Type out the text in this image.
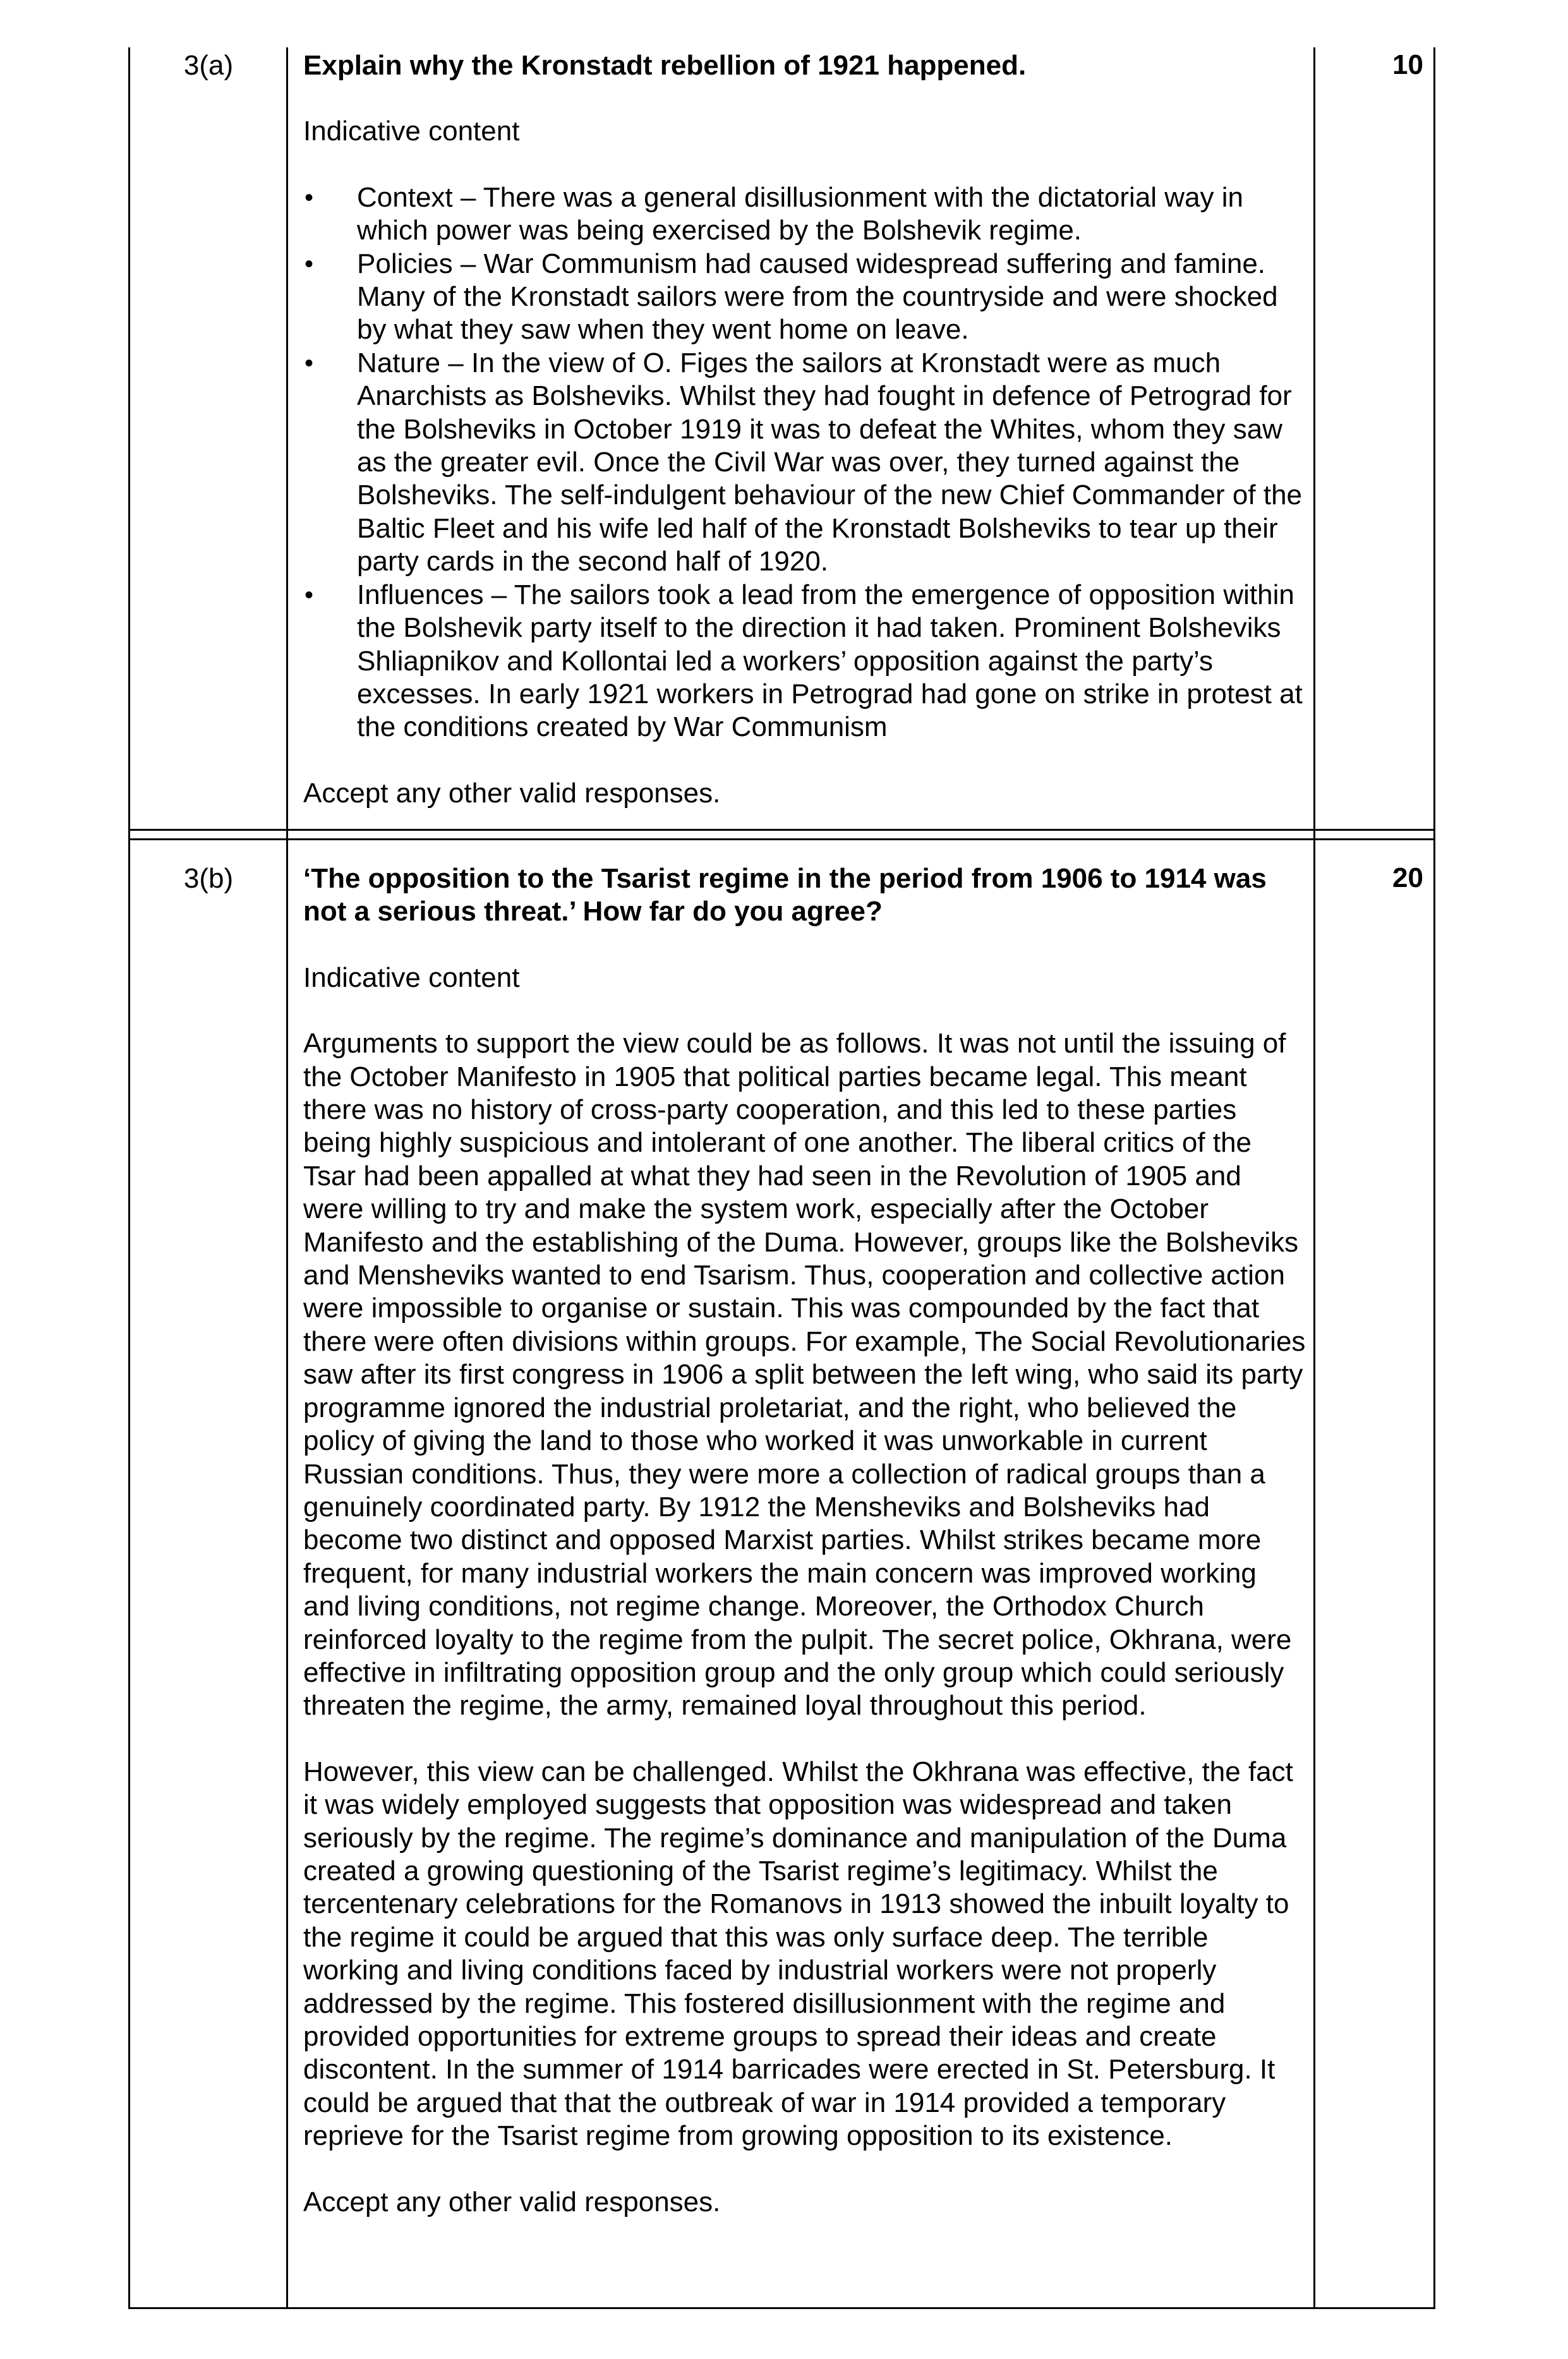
3(a)	10

Explain why the Kronstadt rebellion of 1921 happened.

Indicative content

• Context – There was a general disillusionment with the dictatorial way in which power was being exercised by the Bolshevik regime.
• Policies – War Communism had caused widespread suffering and famine. Many of the Kronstadt sailors were from the countryside and were shocked by what they saw when they went home on leave.
• Nature – In the view of O. Figes the sailors at Kronstadt were as much Anarchists as Bolsheviks. Whilst they had fought in defence of Petrograd for the Bolsheviks in October 1919 it was to defeat the Whites, whom they saw as the greater evil. Once the Civil War was over, they turned against the Bolsheviks. The self-indulgent behaviour of the new Chief Commander of the Baltic Fleet and his wife led half of the Kronstadt Bolsheviks to tear up their party cards in the second half of 1920.
• Influences – The sailors took a lead from the emergence of opposition within the Bolshevik party itself to the direction it had taken. Prominent Bolsheviks Shliapnikov and Kollontai led a workers’ opposition against the party’s excesses. In early 1921 workers in Petrograd had gone on strike in protest at the conditions created by War Communism

Accept any other valid responses.

3(b)	20

‘The opposition to the Tsarist regime in the period from 1906 to 1914 was not a serious threat.’ How far do you agree?

Indicative content

Arguments to support the view could be as follows. It was not until the issuing of the October Manifesto in 1905 that political parties became legal. This meant there was no history of cross-party cooperation, and this led to these parties being highly suspicious and intolerant of one another. The liberal critics of the Tsar had been appalled at what they had seen in the Revolution of 1905 and were willing to try and make the system work, especially after the October Manifesto and the establishing of the Duma. However, groups like the Bolsheviks and Mensheviks wanted to end Tsarism. Thus, cooperation and collective action were impossible to organise or sustain. This was compounded by the fact that there were often divisions within groups. For example, The Social Revolutionaries saw after its first congress in 1906 a split between the left wing, who said its party programme ignored the industrial proletariat, and the right, who believed the policy of giving the land to those who worked it was unworkable in current Russian conditions. Thus, they were more a collection of radical groups than a genuinely coordinated party. By 1912 the Mensheviks and Bolsheviks had become two distinct and opposed Marxist parties. Whilst strikes became more frequent, for many industrial workers the main concern was improved working and living conditions, not regime change. Moreover, the Orthodox Church reinforced loyalty to the regime from the pulpit. The secret police, Okhrana, were effective in infiltrating opposition group and the only group which could seriously threaten the regime, the army, remained loyal throughout this period.

However, this view can be challenged. Whilst the Okhrana was effective, the fact it was widely employed suggests that opposition was widespread and taken seriously by the regime. The regime’s dominance and manipulation of the Duma created a growing questioning of the Tsarist regime’s legitimacy. Whilst the tercentenary celebrations for the Romanovs in 1913 showed the inbuilt loyalty to the regime it could be argued that this was only surface deep. The terrible working and living conditions faced by industrial workers were not properly addressed by the regime. This fostered disillusionment with the regime and provided opportunities for extreme groups to spread their ideas and create discontent. In the summer of 1914 barricades were erected in St. Petersburg. It could be argued that that the outbreak of war in 1914 provided a temporary reprieve for the Tsarist regime from growing opposition to its existence.

Accept any other valid responses.
